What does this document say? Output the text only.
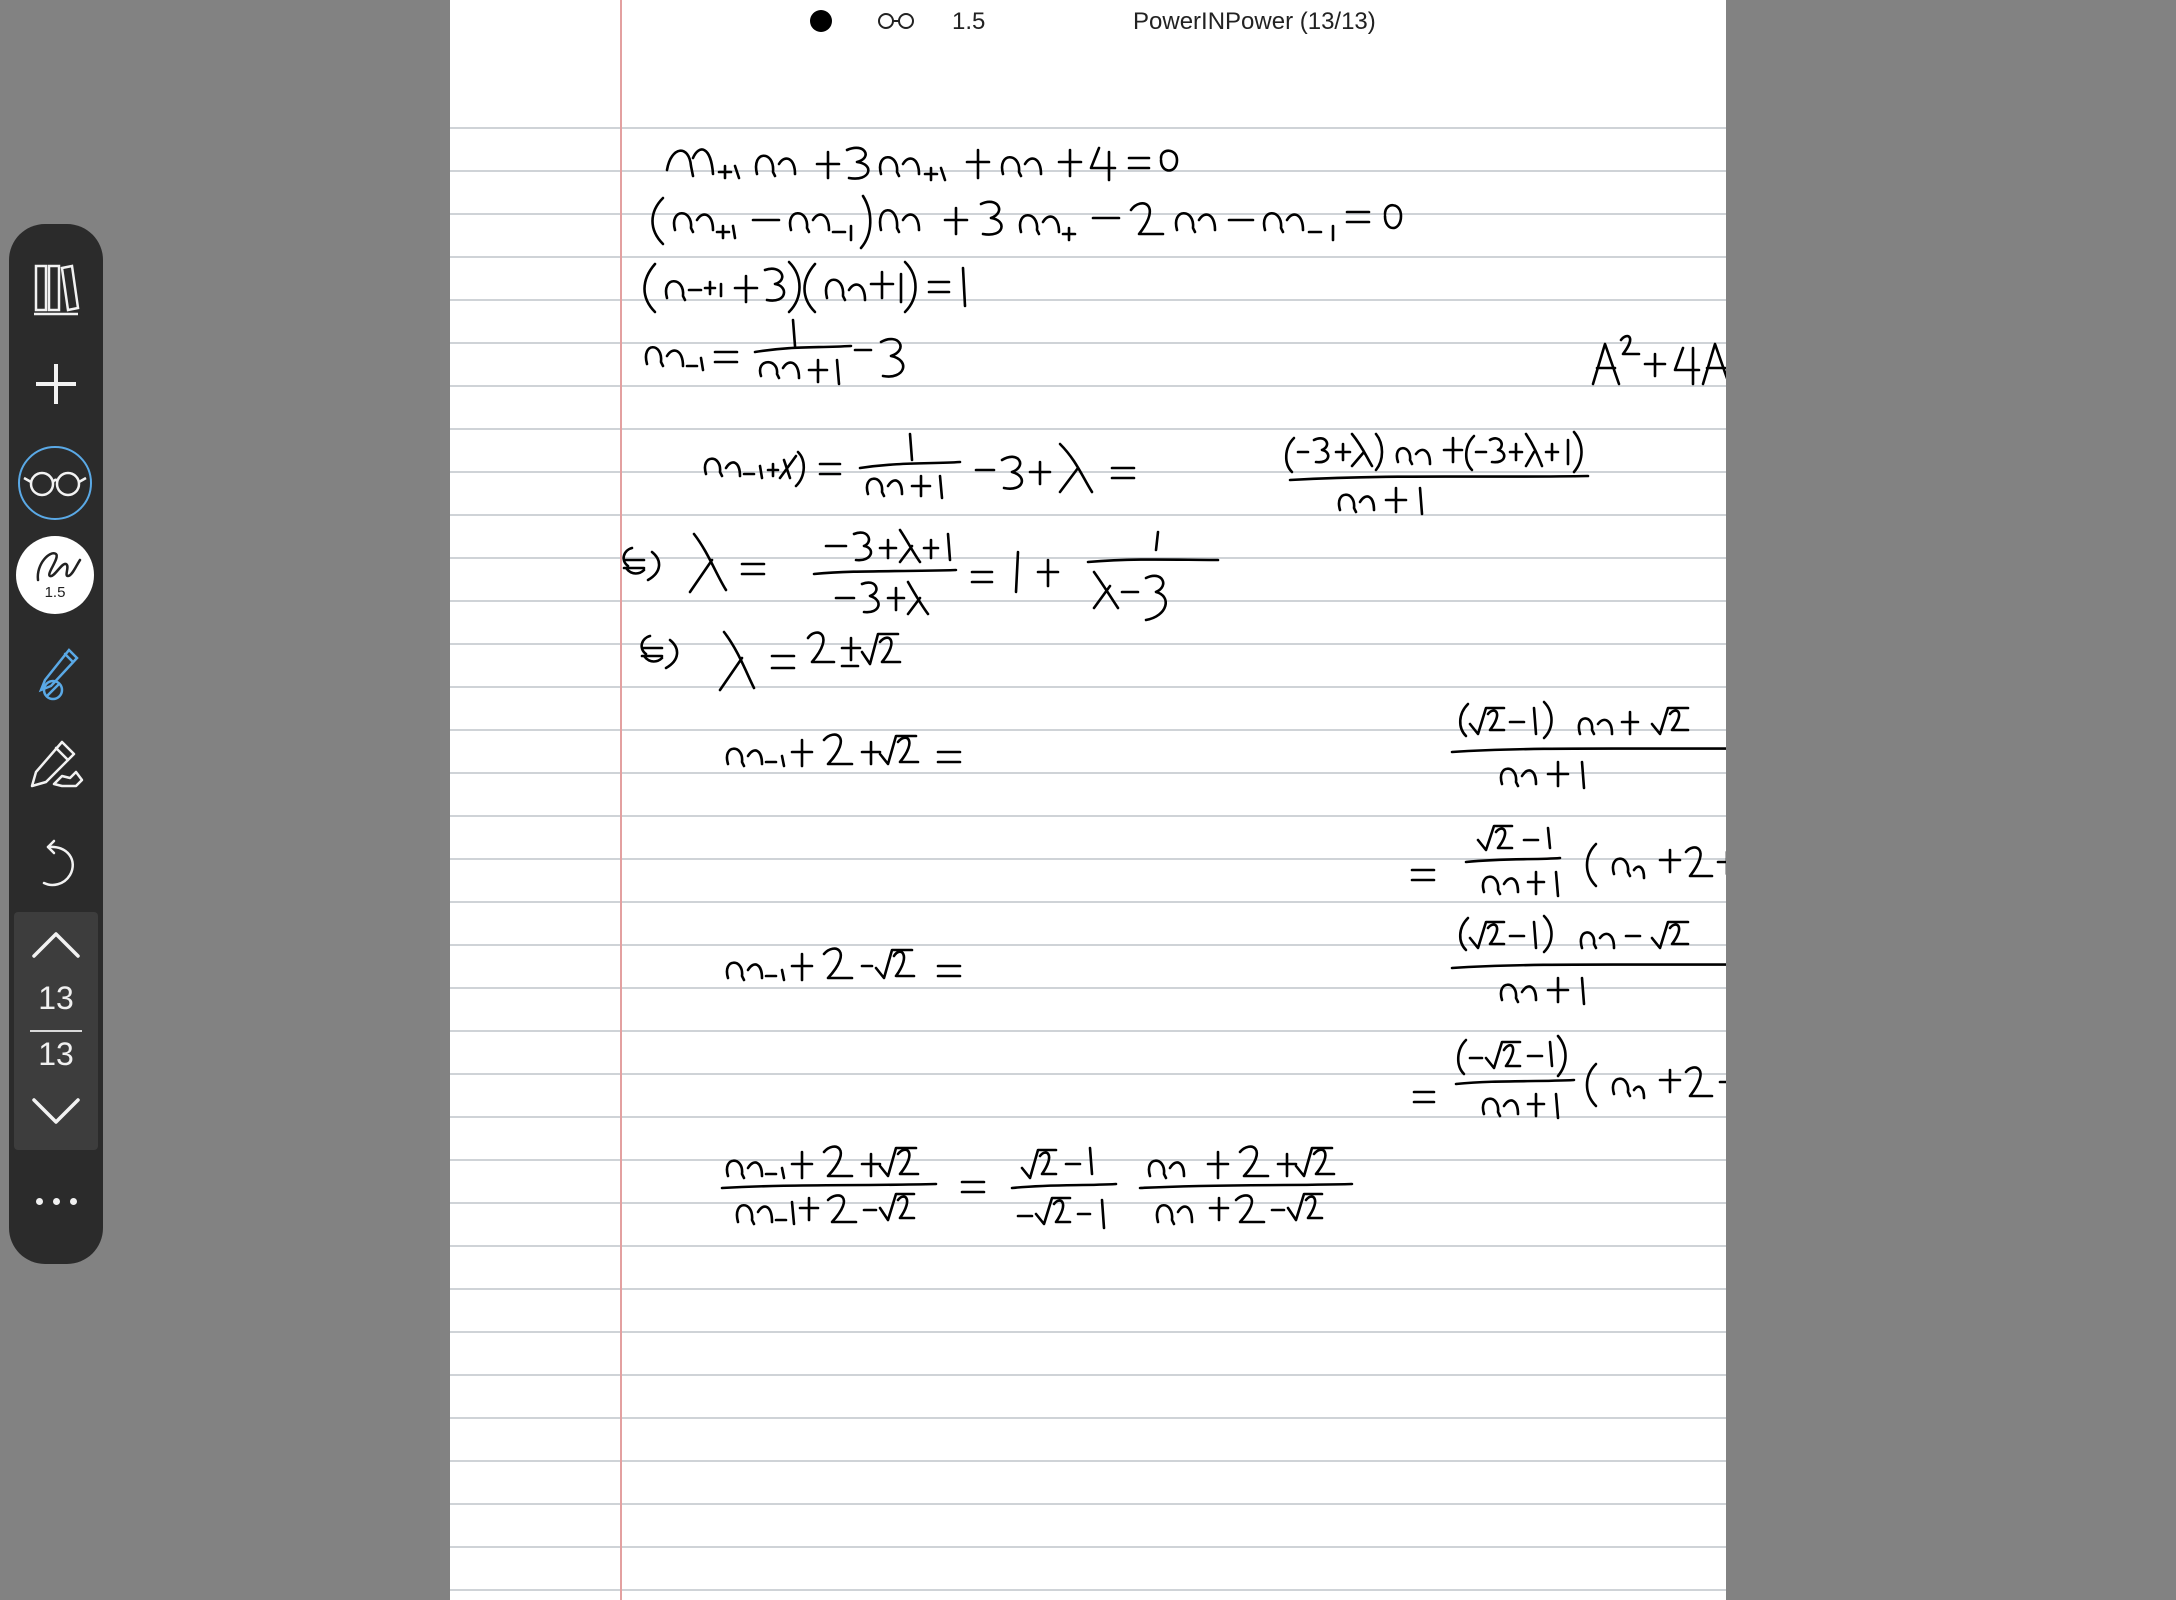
1.5	PowerINPower (13/13)
1.5
13
13
